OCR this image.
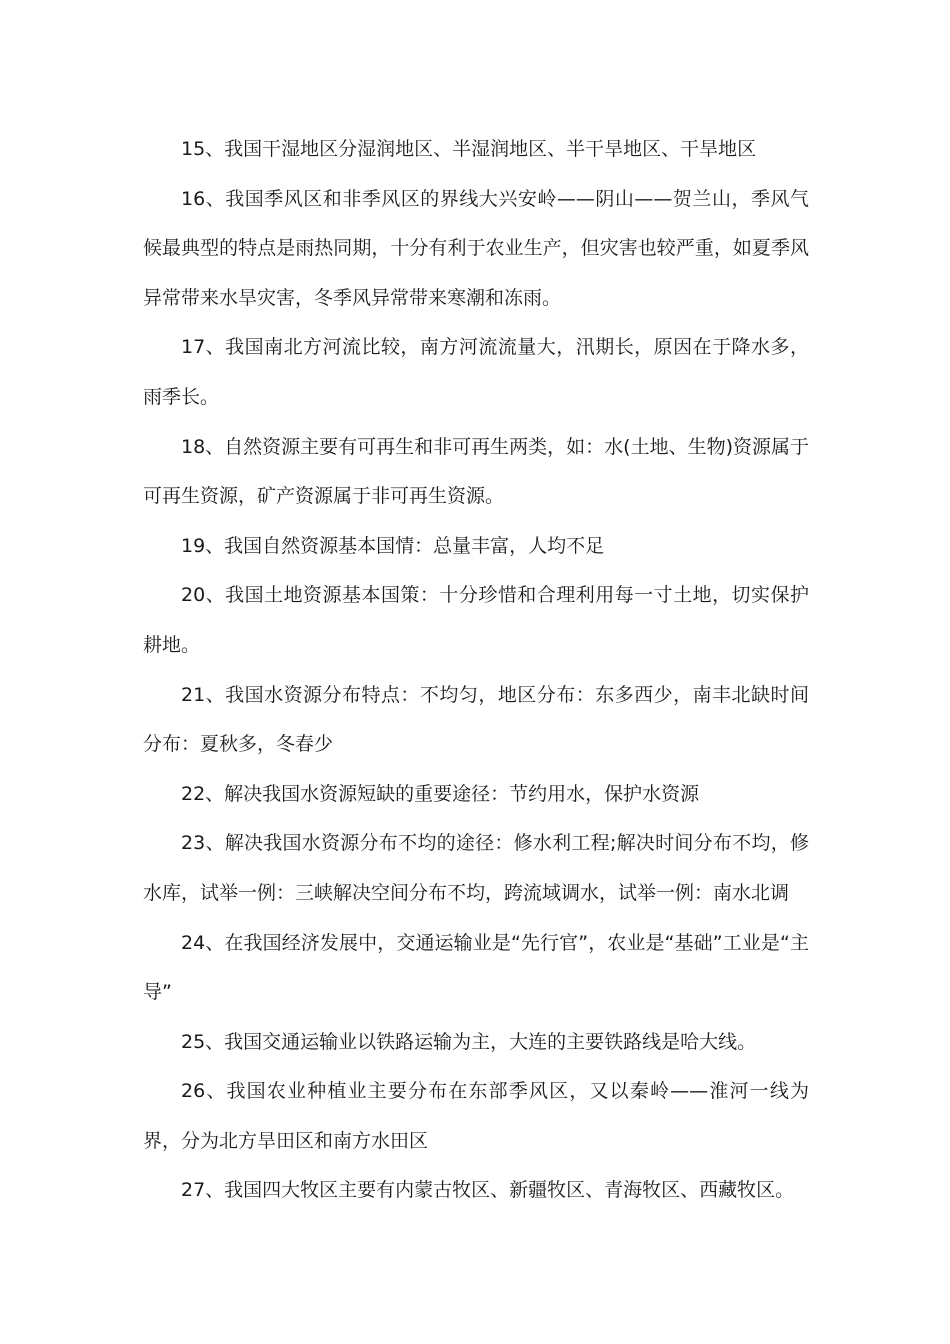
15、我国干湿地区分湿润地区、半湿润地区、半干旱地区、干旱地区

16、我国季风区和非季风区的界线大兴安岭——阴山——贺兰山，季风气候最典型的特点是雨热同期，十分有利于农业生产，但灾害也较严重，如夏季风异常带来水旱灾害，冬季风异常带来寒潮和冻雨。

17、我国南北方河流比较，南方河流流量大，汛期长，原因在于降水多，雨季长。

18、自然资源主要有可再生和非可再生两类，如：水(土地、生物)资源属于可再生资源，矿产资源属于非可再生资源。

19、我国自然资源基本国情：总量丰富，人均不足

20、我国土地资源基本国策：十分珍惜和合理利用每一寸土地，切实保护耕地。

21、我国水资源分布特点：不均匀，地区分布：东多西少，南丰北缺时间分布：夏秋多，冬春少

22、解决我国水资源短缺的重要途径：节约用水，保护水资源

23、解决我国水资源分布不均的途径：修水利工程;解决时间分布不均，修水库，试举一例：三峡解决空间分布不均，跨流域调水，试举一例：南水北调

24、在我国经济发展中，交通运输业是“先行官”，农业是“基础”工业是“主导”

25、我国交通运输业以铁路运输为主，大连的主要铁路线是哈大线。

26、我国农业种植业主要分布在东部季风区，又以秦岭——淮河一线为界，分为北方旱田区和南方水田区

27、我国四大牧区主要有内蒙古牧区、新疆牧区、青海牧区、西藏牧区。
